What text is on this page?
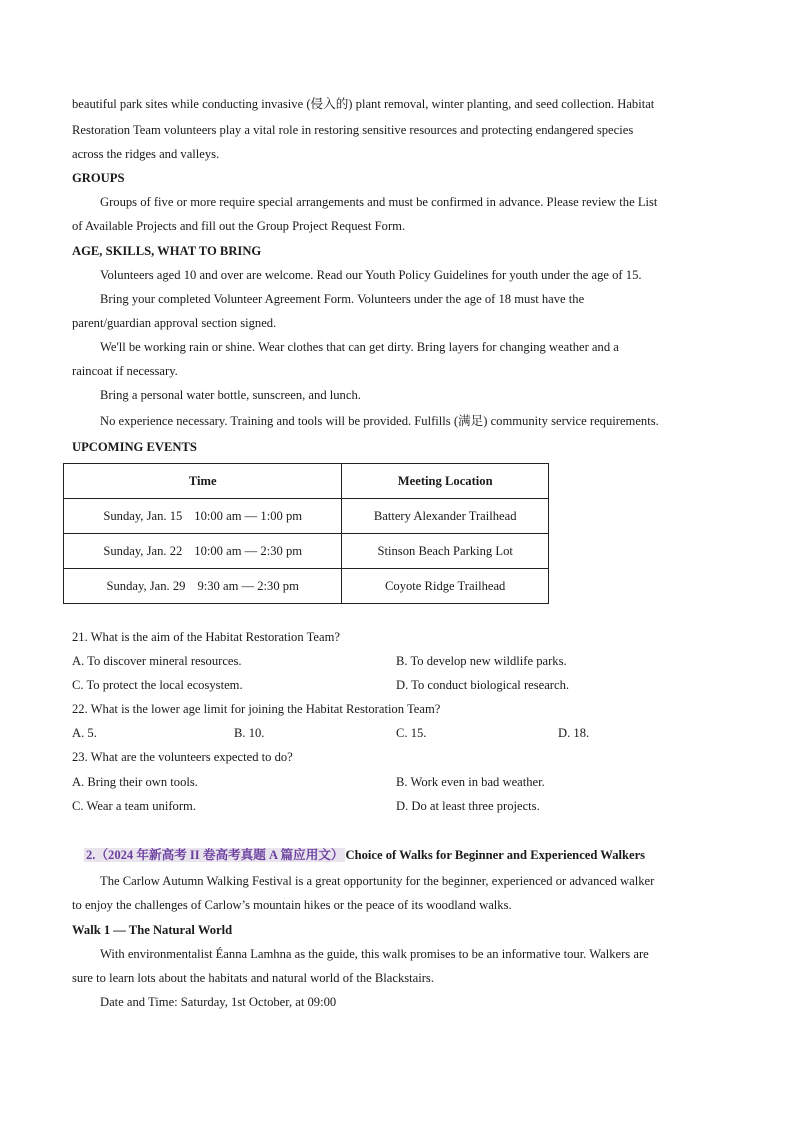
beautiful park sites while conducting invasive (侵入的) plant removal, winter planting, and seed collection. Habitat
Restoration Team volunteers play a vital role in restoring sensitive resources and protecting endangered species
across the ridges and valleys.
GROUPS
Groups of five or more require special arrangements and must be confirmed in advance. Please review the List
of Available Projects and fill out the Group Project Request Form.
AGE, SKILLS, WHAT TO BRING
Volunteers aged 10 and over are welcome. Read our Youth Policy Guidelines for youth under the age of 15.
Bring your completed Volunteer Agreement Form. Volunteers under the age of 18 must have the
parent/guardian approval section signed.
We'll be working rain or shine. Wear clothes that can get dirty. Bring layers for changing weather and a
raincoat if necessary.
Bring a personal water bottle, sunscreen, and lunch.
No experience necessary. Training and tools will be provided. Fulfills (满足) community service requirements.
UPCOMING EVENTS
Time	Meeting Location
Sunday, Jan. 15 10:00 am — 1:00 pm	Battery Alexander Trailhead
Sunday, Jan. 22 10:00 am — 2:30 pm	Stinson Beach Parking Lot
Sunday, Jan. 29 9:30 am — 2:30 pm	Coyote Ridge Trailhead
21. What is the aim of the Habitat Restoration Team?
A. To discover mineral resources.	B. To develop new wildlife parks.
C. To protect the local ecosystem.	D. To conduct biological research.
22. What is the lower age limit for joining the Habitat Restoration Team?
A. 5.	B. 10.	C. 15.	D. 18.
23. What are the volunteers expected to do?
A. Bring their own tools.	B. Work even in bad weather.
C. Wear a team uniform.	D. Do at least three projects.
2.（2024 年新高考 II 卷高考真题 A 篇应用文） Choice of Walks for Beginner and Experienced Walkers
The Carlow Autumn Walking Festival is a great opportunity for the beginner, experienced or advanced walker
to enjoy the challenges of Carlow’s mountain hikes or the peace of its woodland walks.
Walk 1 — The Natural World
With environmentalist Éanna Lamhna as the guide, this walk promises to be an informative tour. Walkers are
sure to learn lots about the habitats and natural world of the Blackstairs.
Date and Time: Saturday, 1st October, at 09:00
